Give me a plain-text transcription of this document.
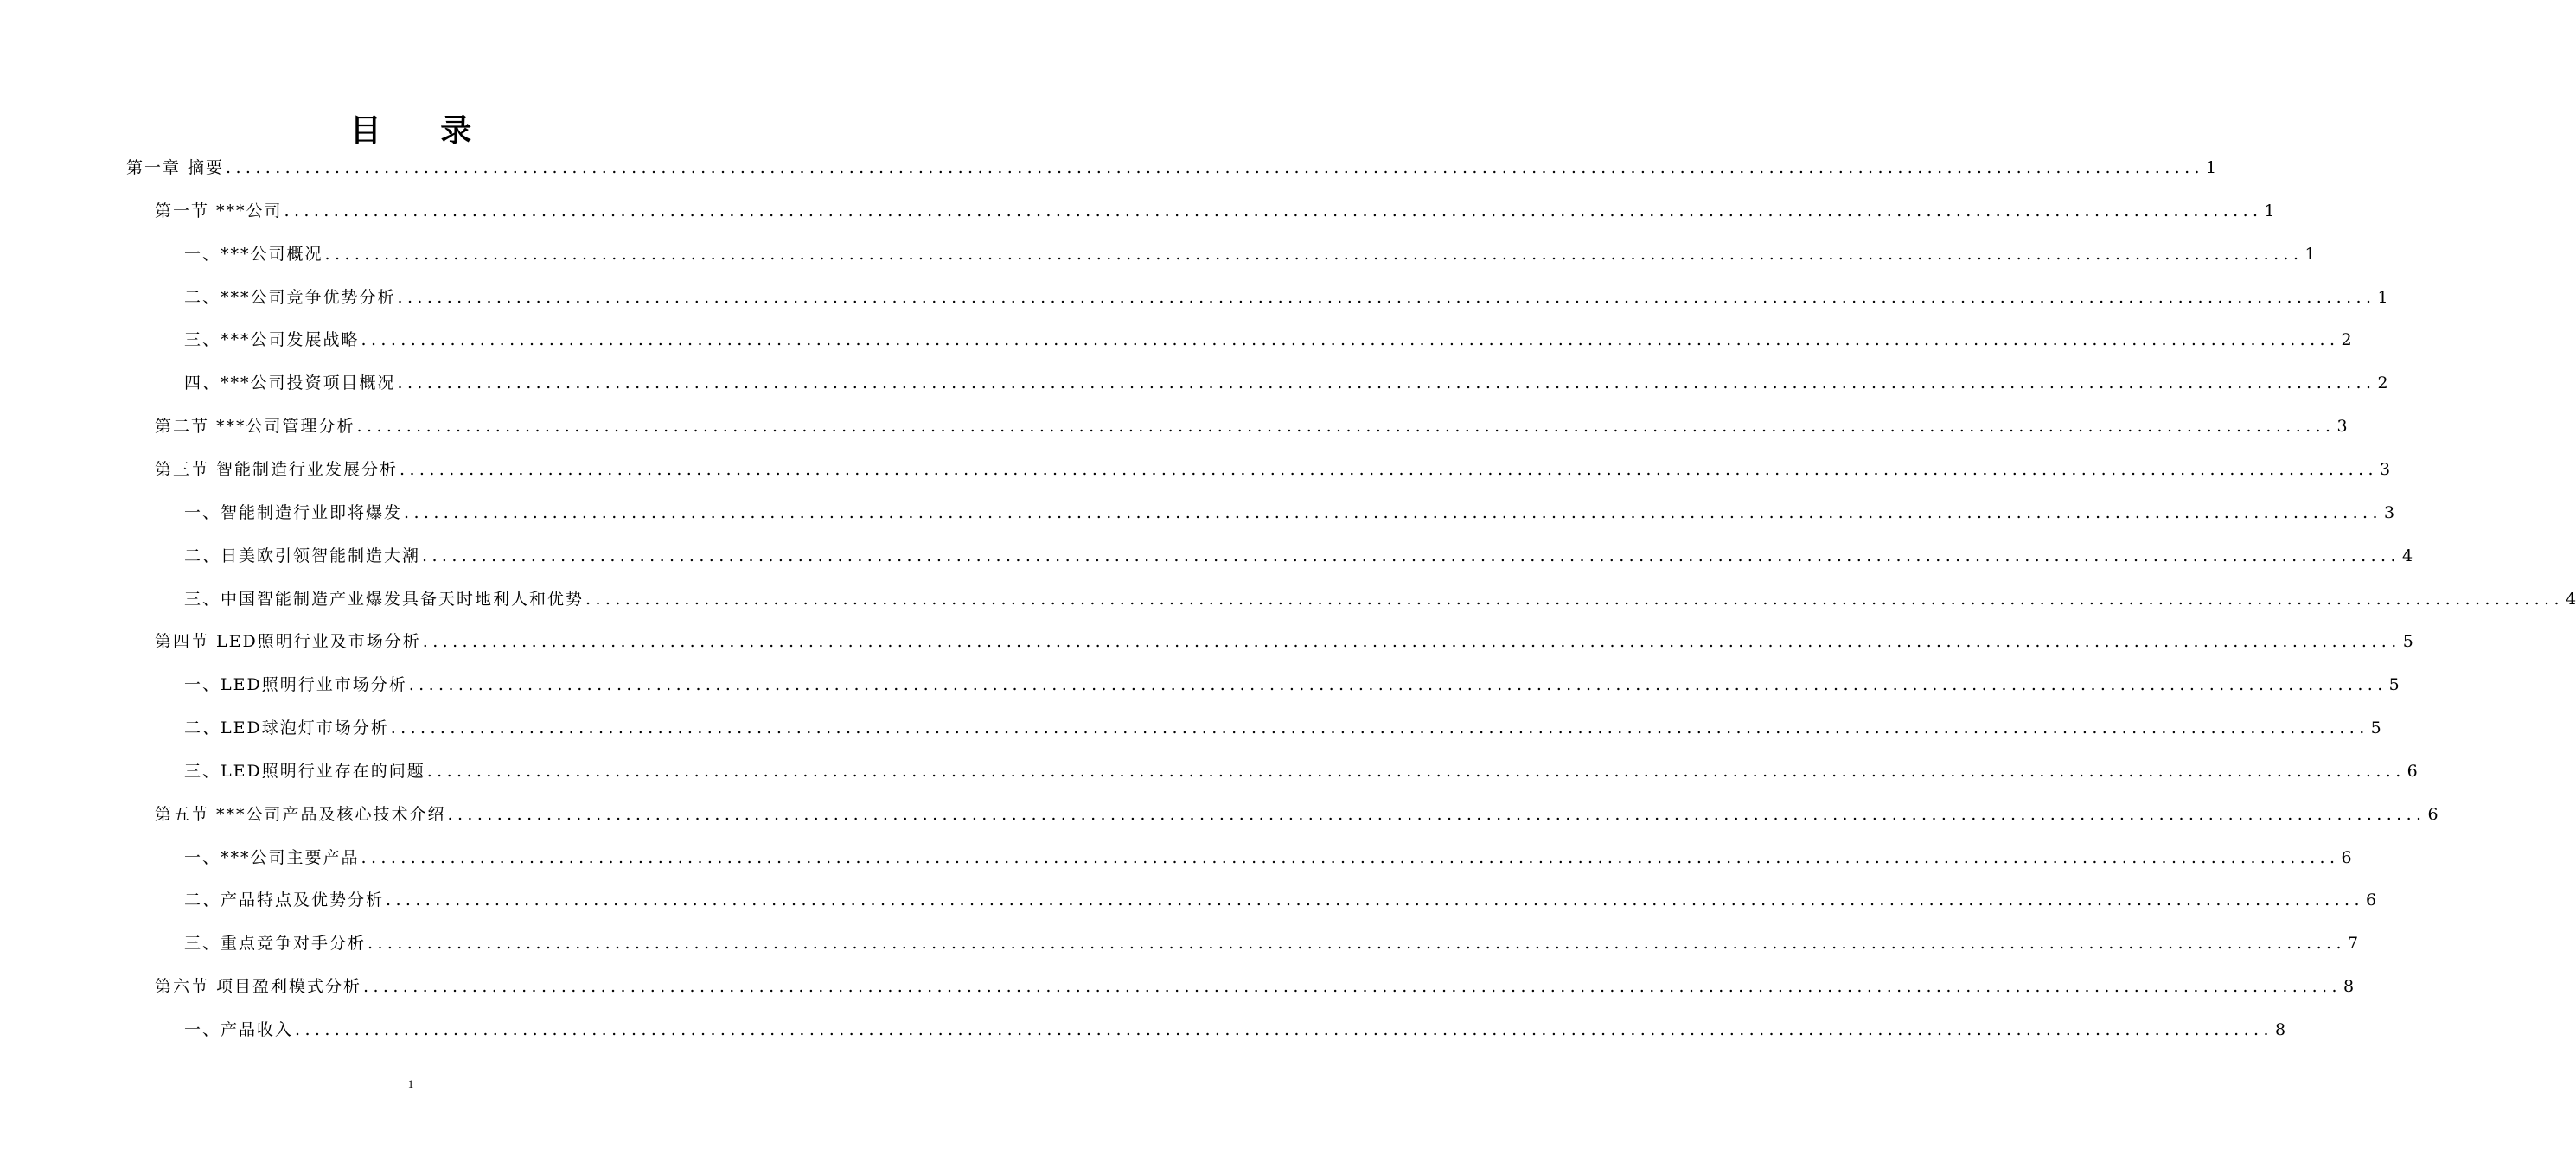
目 录
第一章 摘要 ........................................................................................................................................................................................................ 1
第一节 ***公司 ........................................................................................................................................................................................................ 1
一、***公司概况 ........................................................................................................................................................................................................ 1
二、***公司竞争优势分析 ........................................................................................................................................................................................................ 1
三、***公司发展战略 ........................................................................................................................................................................................................ 2
四、***公司投资项目概况 ........................................................................................................................................................................................................ 2
第二节 ***公司管理分析 ........................................................................................................................................................................................................ 3
第三节 智能制造行业发展分析 ........................................................................................................................................................................................................ 3
一、智能制造行业即将爆发 ........................................................................................................................................................................................................ 3
二、日美欧引领智能制造大潮 ........................................................................................................................................................................................................ 4
三、中国智能制造产业爆发具备天时地利人和优势 ........................................................................................................................................................................................................ 4
第四节 LED照明行业及市场分析 ........................................................................................................................................................................................................ 5
一、LED照明行业市场分析 ........................................................................................................................................................................................................ 5
二、LED球泡灯市场分析 ........................................................................................................................................................................................................ 5
三、LED照明行业存在的问题 ........................................................................................................................................................................................................ 6
第五节 ***公司产品及核心技术介绍 ........................................................................................................................................................................................................ 6
一、***公司主要产品 ........................................................................................................................................................................................................ 6
二、产品特点及优势分析 ........................................................................................................................................................................................................ 6
三、重点竞争对手分析 ........................................................................................................................................................................................................ 7
第六节 项目盈利模式分析 ........................................................................................................................................................................................................ 8
一、产品收入 ........................................................................................................................................................................................................ 8
1
